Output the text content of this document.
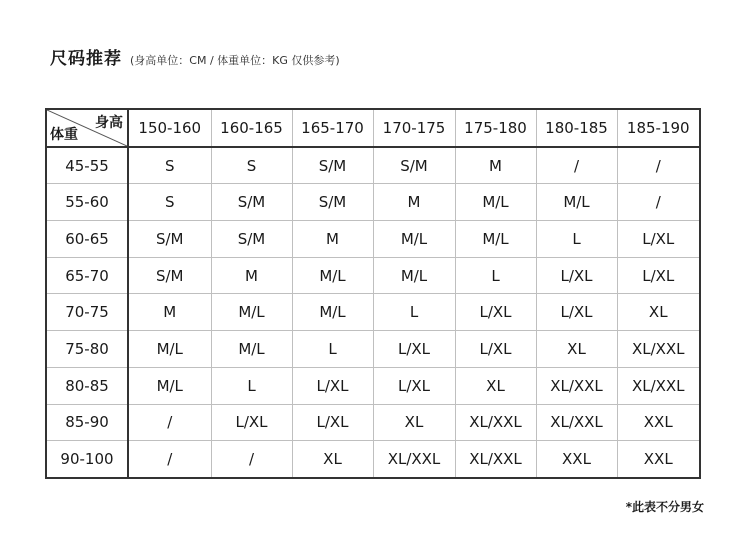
尺码推荐 (身高单位：CM / 体重单位：KG 仅供参考)
身高
体重	150-160	160-165	165-170	170-175	175-180	180-185	185-190
45-55	S	S	S/M	S/M	M	/	/
55-60	S	S/M	S/M	M	M/L	M/L	/
60-65	S/M	S/M	M	M/L	M/L	L	L/XL
65-70	S/M	M	M/L	M/L	L	L/XL	L/XL
70-75	M	M/L	M/L	L	L/XL	L/XL	XL
75-80	M/L	M/L	L	L/XL	L/XL	XL	XL/XXL
80-85	M/L	L	L/XL	L/XL	XL	XL/XXL	XL/XXL
85-90	/	L/XL	L/XL	XL	XL/XXL	XL/XXL	XXL
90-100	/	/	XL	XL/XXL	XL/XXL	XXL	XXL
*此表不分男女
